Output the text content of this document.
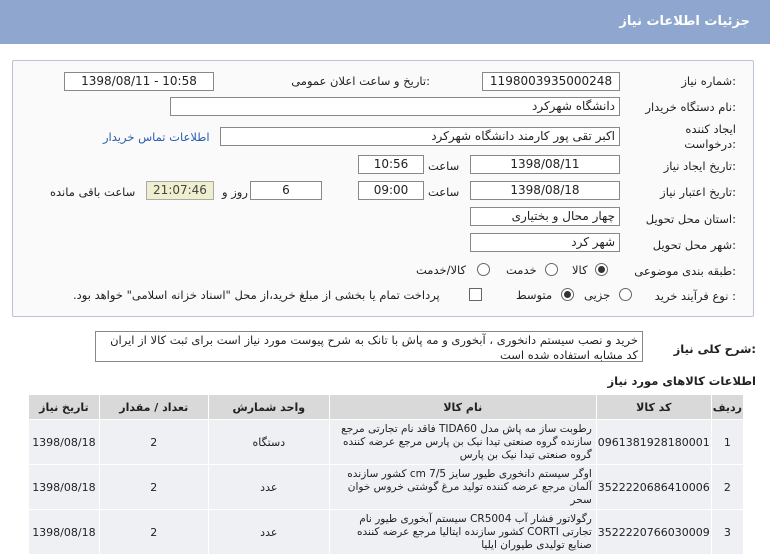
جزئیات اطلاعات نیاز
شماره نیاز:
1198003935000248
تاریخ و ساعت اعلان عمومی:
1398/08/11 - 10:58
نام دستگاه خریدار:
دانشگاه شهرکرد
ایجاد کننده درخواست:
اکبر تقی پور کارمند دانشگاه شهرکرد
اطلاعات تماس خریدار
تاریخ ایجاد نیاز:
1398/08/11
ساعت
10:56
تاریخ اعتبار نیاز:
1398/08/18
ساعت
09:00
6
روز و
21:07:46
ساعت باقی مانده
استان محل تحویل:
چهار محال و بختیاری
شهر محل تحویل:
شهر کرد
طبقه بندی موضوعی:
کالا
خدمت
کالا/خدمت
نوع فرآیند خرید :
جزیی
متوسط
پرداخت تمام یا بخشی از مبلغ خرید،از محل "اسناد خزانه اسلامی" خواهد بود.
شرح کلی نیاز:
خرید و نصب سیستم دانخوری ، آبخوری و مه پاش با تانک به شرح پیوست مورد نیاز است برای ثبت کالا از ایران کد مشابه استفاده شده است
اطلاعات کالاهای مورد نیاز
ردیف	کد کالا	نام کالا	واحد شمارش	تعداد / مقدار	تاریخ نیاز
1	0961381928180001	رطوبت ساز مه پاش مدل TIDA60 فاقد نام تجارتی مرجع سازنده گروه صنعتی تیدا نیک بن پارس مرجع عرضه کننده گروه صنعتی تیدا نیک بن پارس	دستگاه	2	1398/08/18
2	3522220686410006	اوگر سیستم دانخوری طیور سایز cm 7/5 کشور سازنده آلمان مرجع عرضه کننده تولید مرغ گوشتی خروس خوان سحر	عدد	2	1398/08/18
3	3522220766030009	رگولاتور فشار آب CR5004 سیستم آبخوری طیور نام تجارتی CORTI کشور سازنده ایتالیا مرجع عرضه کننده صنایع تولیدی طیوران ایلیا	عدد	2	1398/08/18
